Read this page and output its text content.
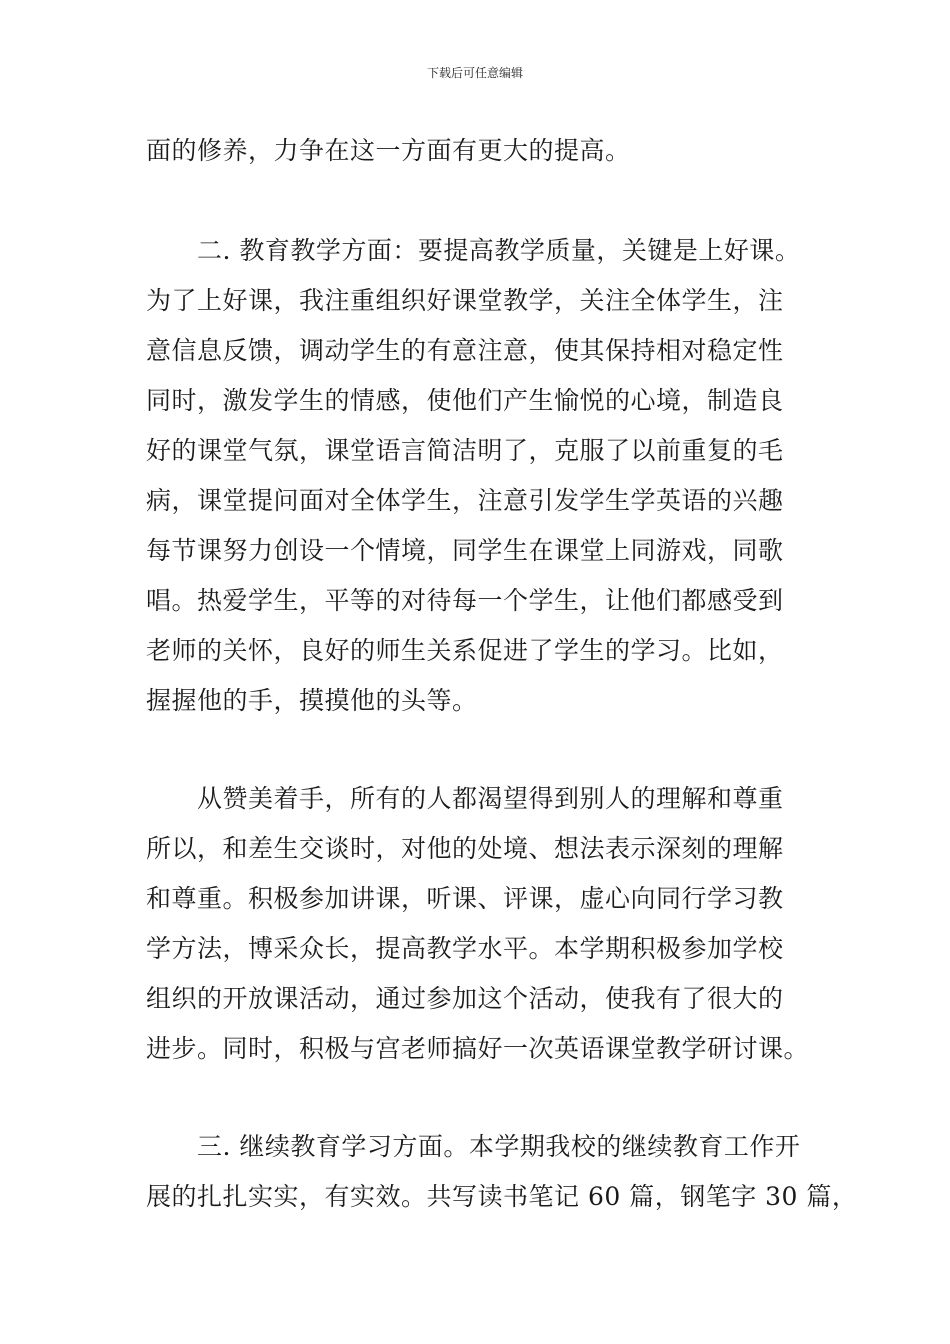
下载后可任意编辑
面的修养，力争在这一方面有更大的提高。
　　二. 教育教学方面：要提高教学质量，关键是上好课。
为了上好课，我注重组织好课堂教学，关注全体学生，注
意信息反馈，调动学生的有意注意，使其保持相对稳定性
同时，激发学生的情感，使他们产生愉悦的心境，制造良
好的课堂气氛，课堂语言简洁明了，克服了以前重复的毛
病，课堂提问面对全体学生，注意引发学生学英语的兴趣
每节课努力创设一个情境，同学生在课堂上同游戏，同歌
唱。热爱学生，平等的对待每一个学生，让他们都感受到
老师的关怀，良好的师生关系促进了学生的学习。比如，
握握他的手，摸摸他的头等。
　　从赞美着手，所有的人都渴望得到别人的理解和尊重
所以，和差生交谈时，对他的处境、想法表示深刻的理解
和尊重。积极参加讲课，听课、评课，虚心向同行学习教
学方法，博采众长，提高教学水平。本学期积极参加学校
组织的开放课活动，通过参加这个活动，使我有了很大的
进步。同时，积极与宫老师搞好一次英语课堂教学研讨课。
　　三. 继续教育学习方面。本学期我校的继续教育工作开
展的扎扎实实，有实效。共写读书笔记 60 篇，钢笔字 30 篇，
